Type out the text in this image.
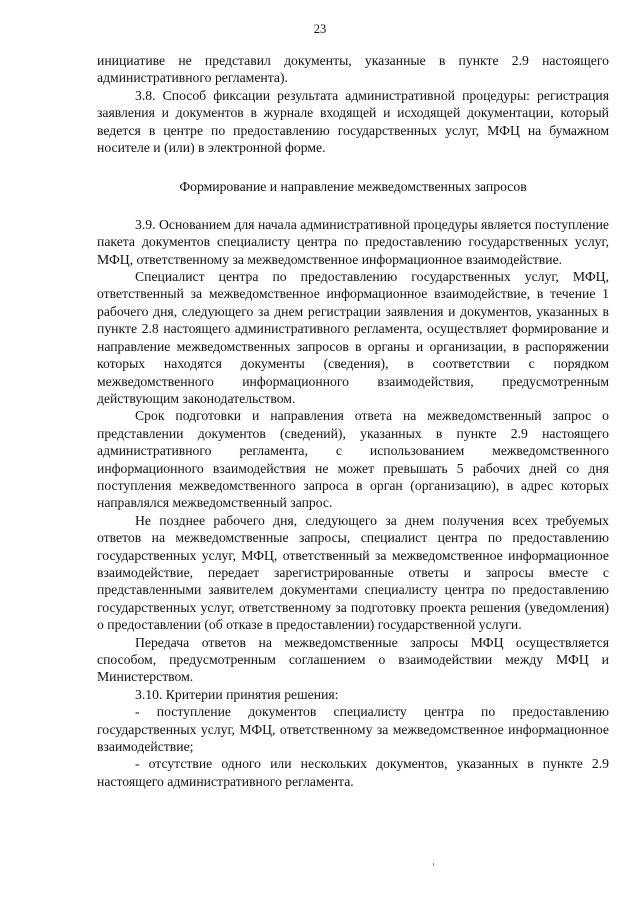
23

инициативе не представил документы, указанные в пункте 2.9 настоящего административного регламента).

3.8. Способ фиксации результата административной процедуры: регистрация заявления и документов в журнале входящей и исходящей документации, который ведется в центре по предоставлению государственных услуг, МФЦ на бумажном носителе и (или) в электронной форме.

Формирование и направление межведомственных запросов

3.9. Основанием для начала административной процедуры является поступление пакета документов специалисту центра по предоставлению государственных услуг, МФЦ, ответственному за межведомственное информационное взаимодействие.

Специалист центра по предоставлению государственных услуг, МФЦ, ответственный за межведомственное информационное взаимодействие, в течение 1 рабочего дня, следующего за днем регистрации заявления и документов, указанных в пункте 2.8 настоящего административного регламента, осуществляет формирование и направление межведомственных запросов в органы и организации, в распоряжении которых находятся документы (сведения), в соответствии с порядком межведомственного информационного взаимодействия, предусмотренным действующим законодательством.

Срок подготовки и направления ответа на межведомственный запрос о представлении документов (сведений), указанных в пункте 2.9 настоящего административного регламента, с использованием межведомственного информационного взаимодействия не может превышать 5 рабочих дней со дня поступления межведомственного запроса в орган (организацию), в адрес которых направлялся межведомственный запрос.

Не позднее рабочего дня, следующего за днем получения всех требуемых ответов на межведомственные запросы, специалист центра по предоставлению государственных услуг, МФЦ, ответственный за межведомственное информационное взаимодействие, передает зарегистрированные ответы и запросы вместе с представленными заявителем документами специалисту центра по предоставлению государственных услуг, ответственному за подготовку проекта решения (уведомления) о предоставлении (об отказе в предоставлении) государственной услуги.

Передача ответов на межведомственные запросы МФЦ осуществляется способом, предусмотренным соглашением о взаимодействии между МФЦ и Министерством.

3.10. Критерии принятия решения:

- поступление документов специалисту центра по предоставлению государственных услуг, МФЦ, ответственному за межведомственное информационное взаимодействие;

- отсутствие одного или нескольких документов, указанных в пункте 2.9 настоящего административного регламента.
